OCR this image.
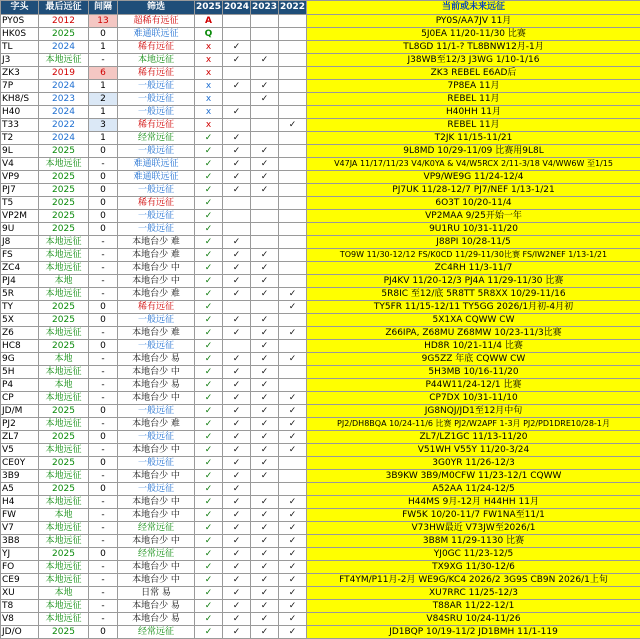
字头	最后远征	间隔	筛选	2025	2024	2023	2022	当前或未来远征
PY0S	2012	13	超稀有远征	A				PY0S/AA7JV 11月
HK0S	2025	0	难通联远征	Q				5J0EA 11/20-11/30 比赛
TL	2024	1	稀有远征	x	✓			TL8GD 11/1-? TL8BNW12月-1月
J3	本地远征	-	本地远征	x	✓	✓		J38WB至12/3 J3WG 1/10-1/16
ZK3	2019	6	稀有远征	x				ZK3 REBEL E6AD后
7P	2024	1	一般远征	x	✓	✓		7P8EA 11月
KH8/S	2023	2	一般远征	x		✓		REBEL 11月
H40	2024	1	一般远征	x	✓			H40HH 11月
T33	2022	3	稀有远征	x			✓	REBEL 11月
T2	2024	1	经常远征	✓	✓			T2JK 11/15-11/21
9L	2025	0	一般远征	✓	✓	✓		9L8MD 10/29-11/09 比赛用9L8L
V4	本地远征	-	难通联远征	✓	✓	✓		V47JA 11/17/11/23 V4/K0YA & V4/W5RCX 2/11-3/18 V4/WW6W 至1/15
VP9	2025	0	难通联远征	✓	✓	✓		VP9/WE9G 11/24-12/4
PJ7	2025	0	一般远征	✓	✓	✓		PJ7UK 11/28-12/7 PJ7/NEF 1/13-1/21
T5	2025	0	稀有远征	✓				6O3T 10/20-11/4
VP2M	2025	0	一般远征	✓				VP2MAA 9/25开始一年
9U	2025	0	一般远征	✓				9U1RU 10/31-11/20
J8	本地远征	-	本地台少 难	✓	✓			J88PI 10/28-11/5
FS	本地远征	-	本地台少 难	✓	✓	✓		TO9W 11/30-12/12 FS/K0CD 11/29-11/30比赛 FS/IW2NEF 1/13-1/21
ZC4	本地远征	-	本地台少 中	✓	✓	✓		ZC4RH 11/3-11/7
PJ4	本地	-	本地台少 中	✓	✓	✓		PJ4KV 11/20-12/3 PJ4A 11/29-11/30 比赛
5R	本地远征	-	本地台少 难	✓	✓	✓	✓	5R8IC 至12/底 5R8TT 5R8XX 10/29-11/16
TY	2025	0	稀有远征	✓			✓	TY5FR 11/15-12/11 TY5GG 2026/1月初-4月初
5X	2025	0	一般远征	✓	✓	✓		5X1XA CQWW CW
Z6	本地远征	-	本地台少 难	✓	✓	✓	✓	Z66IPA, Z68MU Z68MW 10/23-11/3比赛
HC8	2025	0	一般远征	✓		✓		HD8R 10/21-11/4 比赛
9G	本地	-	本地台少 易	✓	✓	✓	✓	9G5ZZ 年底 CQWW CW
5H	本地远征	-	本地台少 中	✓	✓	✓		5H3MB 10/16-11/20
P4	本地	-	本地台少 易	✓	✓	✓		P44W11/24-12/1 比赛
CP	本地远征	-	本地台少 中	✓	✓	✓	✓	CP7DX 10/31-11/10
JD/M	2025	0	一般远征	✓	✓	✓	✓	JG8NQJ/JD1至12月中旬
PJ2	本地远征	-	本地台少 难	✓	✓	✓	✓	PJ2/DH8BQA 10/24-11/6 比赛 PJ2/W2APF 1-3月 PJ2/PD1DRE10/28-1月
ZL7	2025	0	一般远征	✓	✓	✓	✓	ZL7/LZ1GC 11/13-11/20
V5	本地远征	-	本地台少 中	✓	✓	✓	✓	V51WH V55Y 11/20-3/24
CE0Y	2025	0	一般远征	✓	✓	✓		3G0YR 11/26-12/3
3B9	本地远征	-	本地台少 中	✓	✓	✓		3B9KW 3B9/M0CFW 11/23-12/1 CQWW
A5	2025	0	一般远征	✓	✓			A52AA 11/24-12/5
H4	本地远征	-	本地台少 中	✓	✓	✓	✓	H44MS 9月-12月 H44HH 11月
FW	本地	-	本地台少 中	✓	✓	✓	✓	FW5K 10/20-11/7 FW1NA至11/1
V7	本地远征	-	经常远征	✓	✓	✓	✓	V73HW最近 V73JW至2026/1
3B8	本地远征	-	本地台少 中	✓	✓	✓	✓	3B8M 11/29-1130 比赛
YJ	2025	0	经常远征	✓	✓	✓	✓	YJ0GC 11/23-12/5
FO	本地远征	-	本地台少 中	✓	✓	✓	✓	TX9XG 11/30-12/6
CE9	本地远征	-	本地台少 中	✓	✓	✓	✓	FT4YM/P11月-2月 WE9G/KC4 2026/2 3G9S CB9N 2026/1上旬
XU	本地	-	日常 易	✓	✓	✓	✓	XU7RRC 11/25-12/3
T8	本地远征	-	本地台少 易	✓	✓	✓	✓	T88AR 11/22-12/1
V8	本地远征	-	本地台少 易	✓	✓	✓	✓	V84SRU 10/24-11/26
JD/O	2025	0	经常远征	✓	✓	✓	✓	JD1BQP 10/19-11/2 JD1BMH 11/1-119
